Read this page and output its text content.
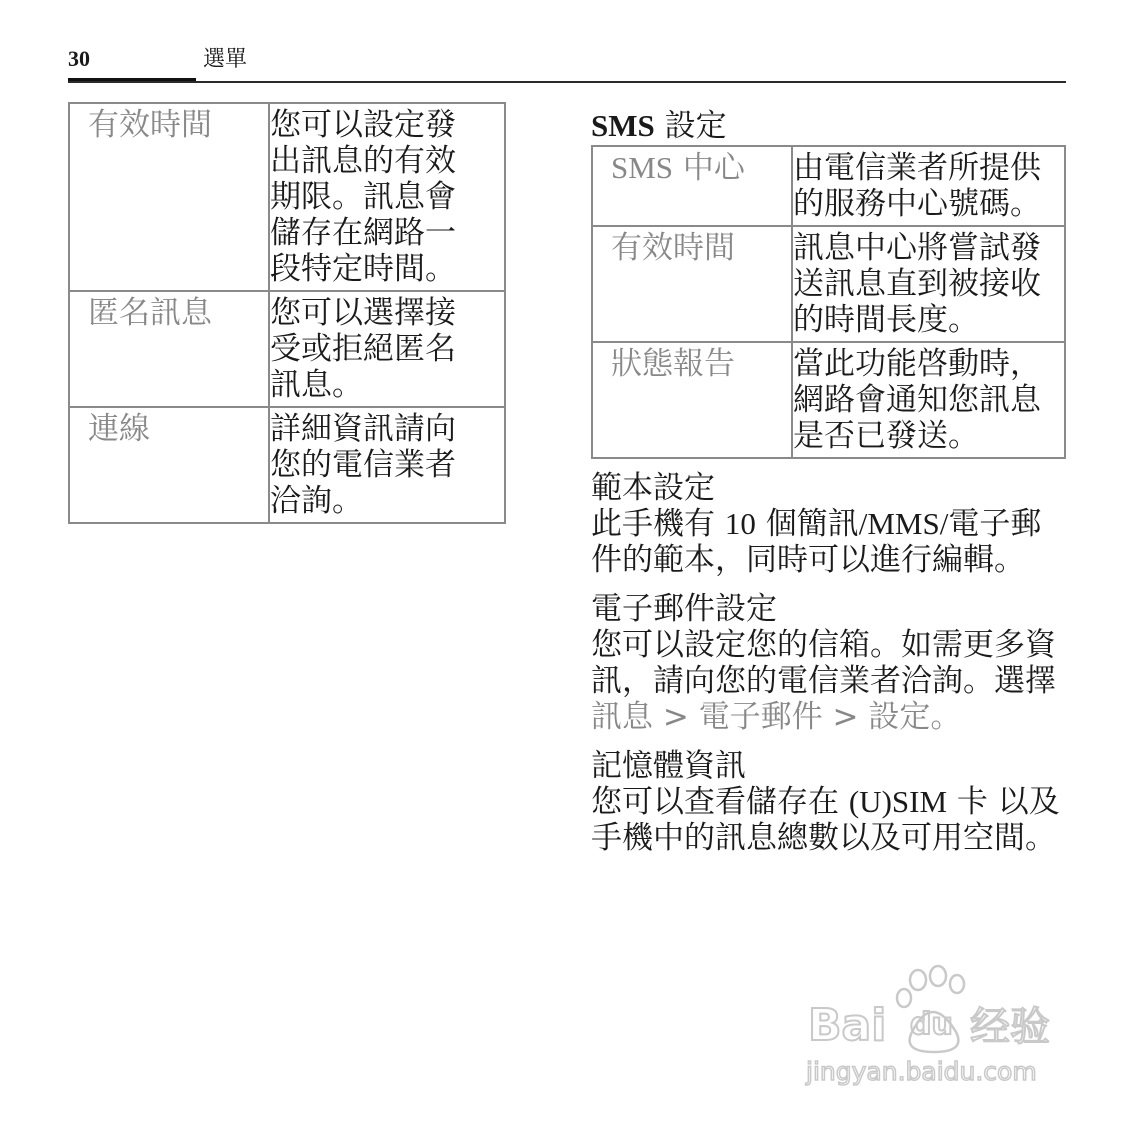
30	選單
有效時間	您可以設定發出訊息的有效期限。訊息會儲存在網路一段特定時間。

匿名訊息	您可以選擇接受或拒絕匿名訊息。

連線	詳細資訊請向您的電信業者洽詢。
SMS 設定
SMS 中心	由電信業者所提供的服務中心號碼。

有效時間	訊息中心將嘗試發送訊息直到被接收的時間長度。

狀態報告	當此功能啓動時，網路會通知您訊息是否已發送。

範本設定

此手機有 10 個簡訊/MMS/電子郵件的範本，同時可以進行編輯。

電子郵件設定

您可以設定您的信箱。如需更多資訊，請向您的電信業者洽詢。選擇訊息 > 電子郵件 > 設定。

記憶體資訊

您可以查看儲存在 (U)SIM 卡 以及手機中的訊息總數以及可用空間。

Bai du 经验
jingyan.baidu.com
